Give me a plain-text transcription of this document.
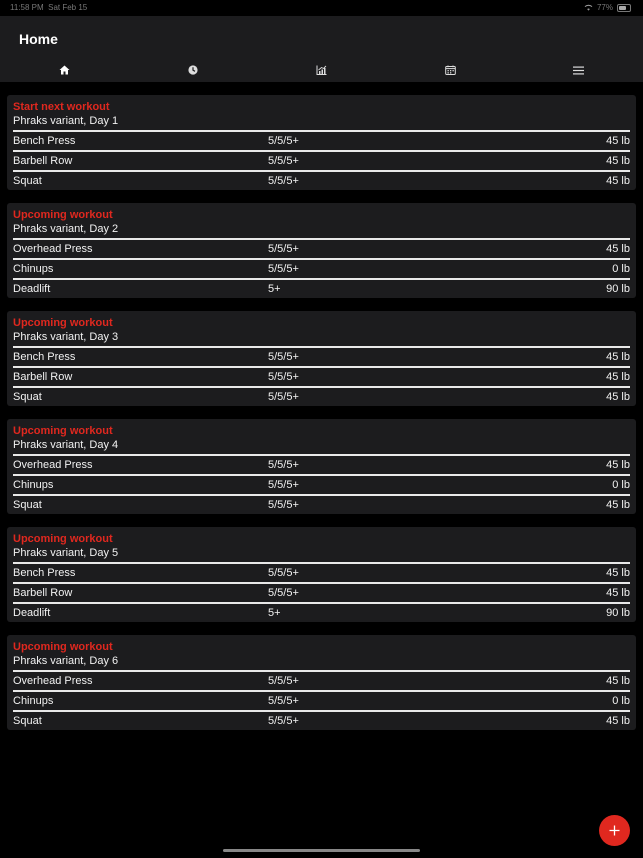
11:58 PM Sat Feb 15	77%
Home
Start next workout
Phraks variant, Day 1
Bench Press	5/5/5+	45 lb
Barbell Row	5/5/5+	45 lb
Squat	5/5/5+	45 lb
Upcoming workout
Phraks variant, Day 2
Overhead Press	5/5/5+	45 lb
Chinups	5/5/5+	0 lb
Deadlift	5+	90 lb
Upcoming workout
Phraks variant, Day 3
Bench Press	5/5/5+	45 lb
Barbell Row	5/5/5+	45 lb
Squat	5/5/5+	45 lb
Upcoming workout
Phraks variant, Day 4
Overhead Press	5/5/5+	45 lb
Chinups	5/5/5+	0 lb
Squat	5/5/5+	45 lb
Upcoming workout
Phraks variant, Day 5
Bench Press	5/5/5+	45 lb
Barbell Row	5/5/5+	45 lb
Deadlift	5+	90 lb
Upcoming workout
Phraks variant, Day 6
Overhead Press	5/5/5+	45 lb
Chinups	5/5/5+	0 lb
Squat	5/5/5+	45 lb
